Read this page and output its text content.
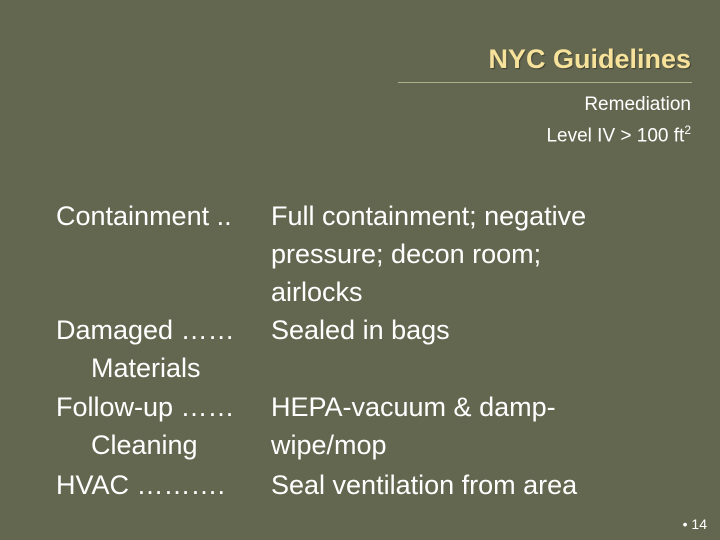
NYC Guidelines
Remediation
Level IV > 100 $ft^2$
Containment .. Full containment; negative
pressure; decon room;
airlocks
Damaged …… Sealed in bags
Materials
Follow-up …… HEPA-vacuum & damp-
Cleaning	wipe/mop
HVAC ………. Seal ventilation from area
• 14
